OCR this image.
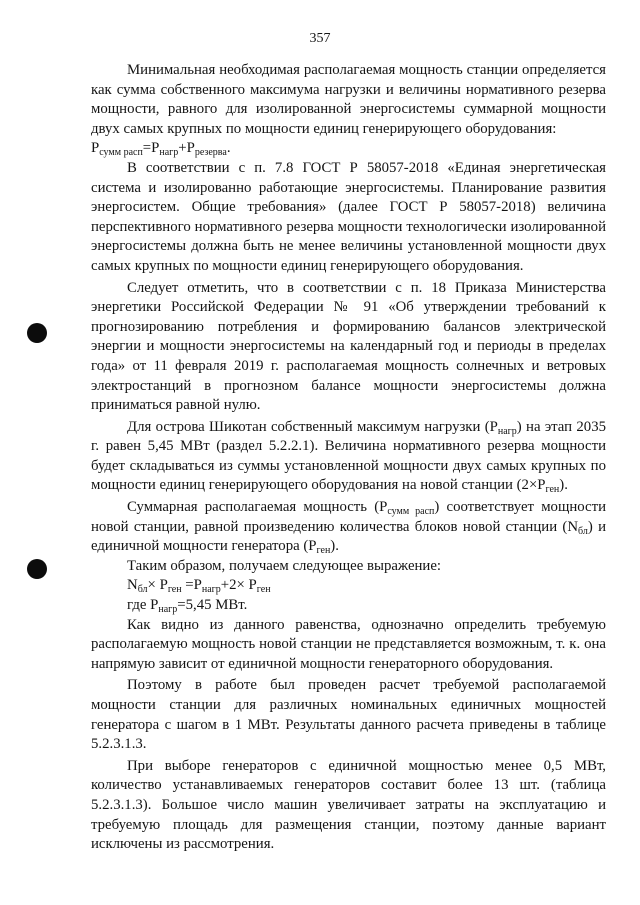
357

Минимальная необходимая располагаемая мощность станции определяется как сумма собственного максимума нагрузки и величины нормативного резерва мощности, равного для изолированной энергосистемы суммарной мощности двух самых крупных по мощности единиц генерирующего оборудования:

$P_{сумм расп}=P_{нагр}+P_{резерва}$.

В соответствии с п. 7.8 ГОСТ Р 58057-2018 «Единая энергетическая система и изолированно работающие энергосистемы. Планирование развития энергосистем. Общие требования» (далее ГОСТ Р 58057-2018) величина перспективного нормативного резерва мощности технологически изолированной энергосистемы должна быть не менее величины установленной мощности двух самых крупных по мощности единиц генерирующего оборудования.

Следует отметить, что в соответствии с п. 18 Приказа Министерства энергетики Российской Федерации № 91 «Об утверждении требований к прогнозированию потребления и формированию балансов электрической энергии и мощности энергосистемы на календарный год и периоды в пределах года» от 11 февраля 2019 г. располагаемая мощность солнечных и ветровых электростанций в прогнозном балансе мощности энергосистемы должна приниматься равной нулю.

Для острова Шикотан собственный максимум нагрузки $(P_{нагр})$ на этап 2035 г. равен 5,45 МВт (раздел 5.2.2.1). Величина нормативного резерва мощности будет складываться из суммы установленной мощности двух самых крупных по мощности единиц генерирующего оборудования на новой станции $(2\times P_{ген})$.

Суммарная располагаемая мощность $(P_{сумм расп})$ соответствует мощности новой станции, равной произведению количества блоков новой станции $(N_{бл})$ и единичной мощности генератора $(P_{ген})$.

Таким образом, получаем следующее выражение:

$N_{бл}\times P_{ген} =P_{нагр}+2\times P_{ген}$

где $P_{нагр}=5,45$ МВт.

Как видно из данного равенства, однозначно определить требуемую располагаемую мощность новой станции не представляется возможным, т. к. она напрямую зависит от единичной мощности генераторного оборудования.

Поэтому в работе был проведен расчет требуемой располагаемой мощности станции для различных номинальных единичных мощностей генератора с шагом в 1 МВт. Результаты данного расчета приведены в таблице 5.2.3.1.3.

При выборе генераторов с единичной мощностью менее 0,5 МВт, количество устанавливаемых генераторов составит более 13 шт. (таблица 5.2.3.1.3). Большое число машин увеличивает затраты на эксплуатацию и требуемую площадь для размещения станции, поэтому данные вариант исключены из рассмотрения.
